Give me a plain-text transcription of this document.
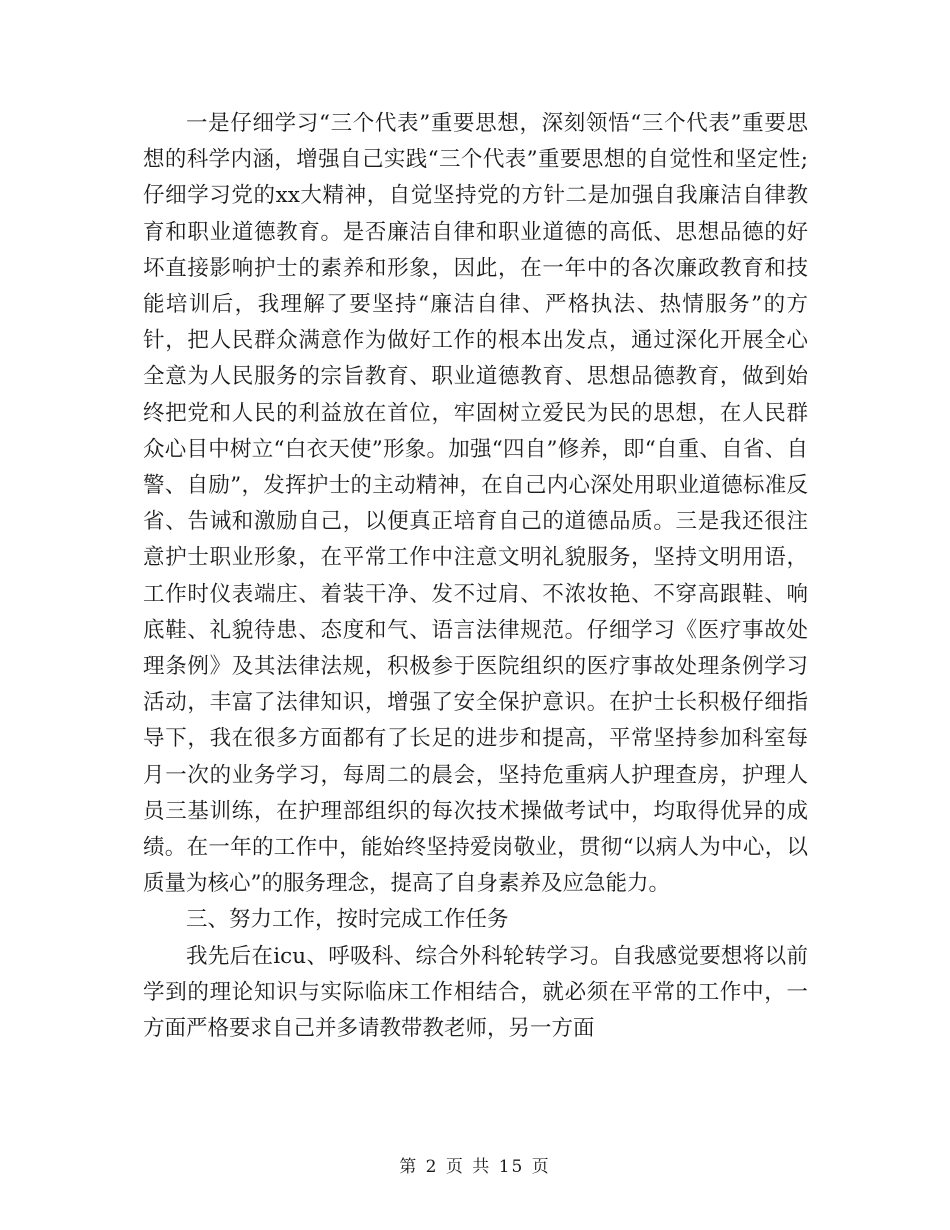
一是仔细学习“三个代表”重要思想，深刻领悟“三个代表”重要思想的科学内涵，增强自己实践“三个代表”重要思想的自觉性和坚定性;仔细学习党的xx大精神，自觉坚持党的方针二是加强自我廉洁自律教育和职业道德教育。是否廉洁自律和职业道德的高低、思想品德的好坏直接影响护士的素养和形象，因此，在一年中的各次廉政教育和技能培训后，我理解了要坚持“廉洁自律、严格执法、热情服务”的方针，把人民群众满意作为做好工作的根本出发点，通过深化开展全心全意为人民服务的宗旨教育、职业道德教育、思想品德教育，做到始终把党和人民的利益放在首位，牢固树立爱民为民的思想，在人民群众心目中树立“白衣天使”形象。加强“四自”修养，即“自重、自省、自警、自励”，发挥护士的主动精神，在自己内心深处用职业道德标准反省、告诫和激励自己，以便真正培育自己的道德品质。三是我还很注意护士职业形象，在平常工作中注意文明礼貌服务，坚持文明用语，工作时仪表端庄、着装干净、发不过肩、不浓妆艳、不穿高跟鞋、响底鞋、礼貌待患、态度和气、语言法律规范。仔细学习《医疗事故处理条例》及其法律法规，积极参于医院组织的医疗事故处理条例学习活动，丰富了法律知识，增强了安全保护意识。在护士长积极仔细指导下，我在很多方面都有了长足的进步和提高，平常坚持参加科室每月一次的业务学习，每周二的晨会，坚持危重病人护理查房，护理人员三基训练，在护理部组织的每次技术操做考试中，均取得优异的成绩。在一年的工作中，能始终坚持爱岗敬业，贯彻“以病人为中心，以质量为核心”的服务理念，提高了自身素养及应急能力。

三、努力工作，按时完成工作任务

我先后在icu、呼吸科、综合外科轮转学习。自我感觉要想将以前学到的理论知识与实际临床工作相结合，就必须在平常的工作中，一方面严格要求自己并多请教带教老师，另一方面

第 2 页 共 15 页
